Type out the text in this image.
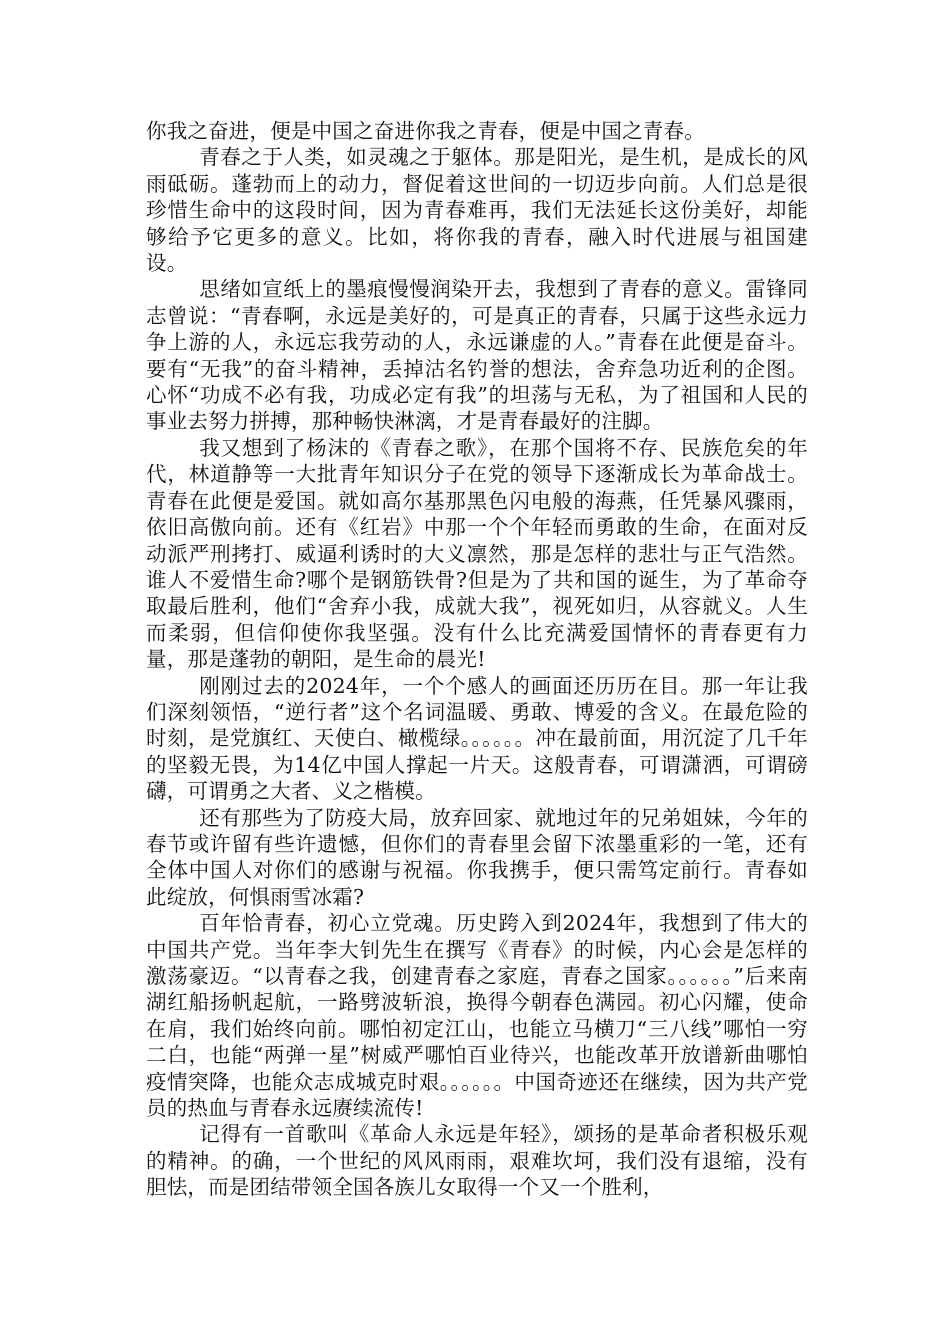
你我之奋进，便是中国之奋进你我之青春，便是中国之青春。

青春之于人类，如灵魂之于躯体。那是阳光，是生机，是成长的风雨砥砺。蓬勃而上的动力，督促着这世间的一切迈步向前。人们总是很珍惜生命中的这段时间，因为青春难再，我们无法延长这份美好，却能够给予它更多的意义。比如，将你我的青春，融入时代进展与祖国建设。

思绪如宣纸上的墨痕慢慢润染开去，我想到了青春的意义。雷锋同志曾说：“青春啊，永远是美好的，可是真正的青春，只属于这些永远力争上游的人，永远忘我劳动的人，永远谦虚的人。”青春在此便是奋斗。要有“无我”的奋斗精神，丢掉沽名钓誉的想法，舍弃急功近利的企图。心怀“功成不必有我，功成必定有我”的坦荡与无私，为了祖国和人民的事业去努力拼搏，那种畅快淋漓，才是青春最好的注脚。

我又想到了杨沫的《青春之歌》，在那个国将不存、民族危矣的年代，林道静等一大批青年知识分子在党的领导下逐渐成长为革命战士。青春在此便是爱国。就如高尔基那黑色闪电般的海燕，任凭暴风骤雨，依旧高傲向前。还有《红岩》中那一个个年轻而勇敢的生命，在面对反动派严刑拷打、威逼利诱时的大义凛然，那是怎样的悲壮与正气浩然。谁人不爱惜生命?哪个是钢筋铁骨?但是为了共和国的诞生，为了革命夺取最后胜利，他们“舍弃小我，成就大我”，视死如归，从容就义。人生而柔弱，但信仰使你我坚强。没有什么比充满爱国情怀的青春更有力量，那是蓬勃的朝阳，是生命的晨光!

刚刚过去的2024年，一个个感人的画面还历历在目。那一年让我们深刻领悟，“逆行者”这个名词温暖、勇敢、博爱的含义。在最危险的时刻，是党旗红、天使白、橄榄绿。。。。。。冲在最前面，用沉淀了几千年的坚毅无畏，为14亿中国人撑起一片天。这般青春，可谓潇洒，可谓磅礴，可谓勇之大者、义之楷模。

还有那些为了防疫大局，放弃回家、就地过年的兄弟姐妹，今年的春节或许留有些许遗憾，但你们的青春里会留下浓墨重彩的一笔，还有全体中国人对你们的感谢与祝福。你我携手，便只需笃定前行。青春如此绽放，何惧雨雪冰霜?

百年恰青春，初心立党魂。历史跨入到2024年，我想到了伟大的中国共产党。当年李大钊先生在撰写《青春》的时候，内心会是怎样的激荡豪迈。“以青春之我，创建青春之家庭，青春之国家。。。。。。”后来南湖红船扬帆起航，一路劈波斩浪，换得今朝春色满园。初心闪耀，使命在肩，我们始终向前。哪怕初定江山，也能立马横刀“三八线”哪怕一穷二白，也能“两弹一星”树威严哪怕百业待兴，也能改革开放谱新曲哪怕疫情突降，也能众志成城克时艰。。。。。。中国奇迹还在继续，因为共产党员的热血与青春永远赓续流传!

记得有一首歌叫《革命人永远是年轻》，颂扬的是革命者积极乐观的精神。的确，一个世纪的风风雨雨，艰难坎坷，我们没有退缩，没有胆怯，而是团结带领全国各族儿女取得一个又一个胜利，
